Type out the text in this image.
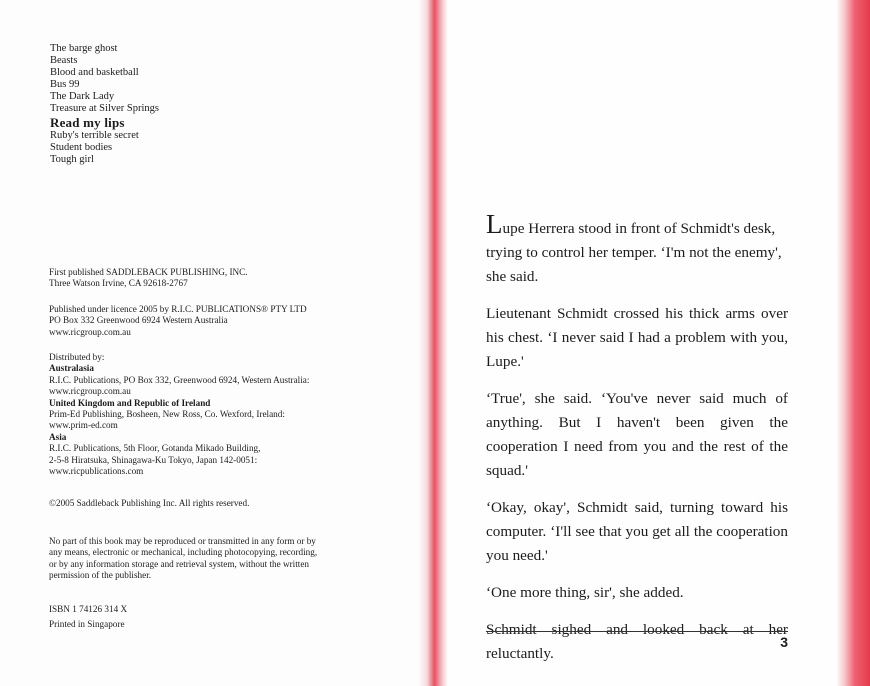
The barge ghost
Beasts
Blood and basketball
Bus 99
The Dark Lady
Treasure at Silver Springs
Read my lips
Ruby's terrible secret
Student bodies
Tough girl

First published SADDLEBACK PUBLISHING, INC.

Three Watson Irvine, CA 92618-2767

Published under licence 2005 by R.I.C. PUBLICATIONS® PTY LTD

PO Box 332 Greenwood 6924 Western Australia

www.ricgroup.com.au

Distributed by:

Australasia

R.I.C. Publications, PO Box 332, Greenwood 6924, Western Australia:

www.ricgroup.com.au

United Kingdom and Republic of Ireland

Prim-Ed Publishing, Bosheen, New Ross, Co. Wexford, Ireland:

www.prim-ed.com

Asia

R.I.C. Publications, 5th Floor, Gotanda Mikado Building,

2-5-8 Hiratsuka, Shinagawa-Ku Tokyo, Japan 142-0051:

www.ricpublications.com

©2005 Saddleback Publishing Inc. All rights reserved.

No part of this book may be reproduced or transmitted in any form or by

any means, electronic or mechanical, including photocopying, recording,

or by any information storage and retrieval system, without the written

permission of the publisher.

ISBN 1 74126 314 X

Printed in Singapore

Lupe Herrera stood in front of Schmidt's desk, trying to control her temper. ‘I'm not the enemy', she said.

Lieutenant Schmidt crossed his thick arms over his chest. ‘I never said I had a problem with you, Lupe.'

‘True', she said. ‘You've never said much of anything. But I haven't been given the cooperation I need from you and the rest of the squad.'

‘Okay, okay', Schmidt said, turning toward his computer. ‘I'll see that you get all the cooperation you need.'

‘One more thing, sir', she added.

Schmidt sighed and looked back at her reluctantly.

3
